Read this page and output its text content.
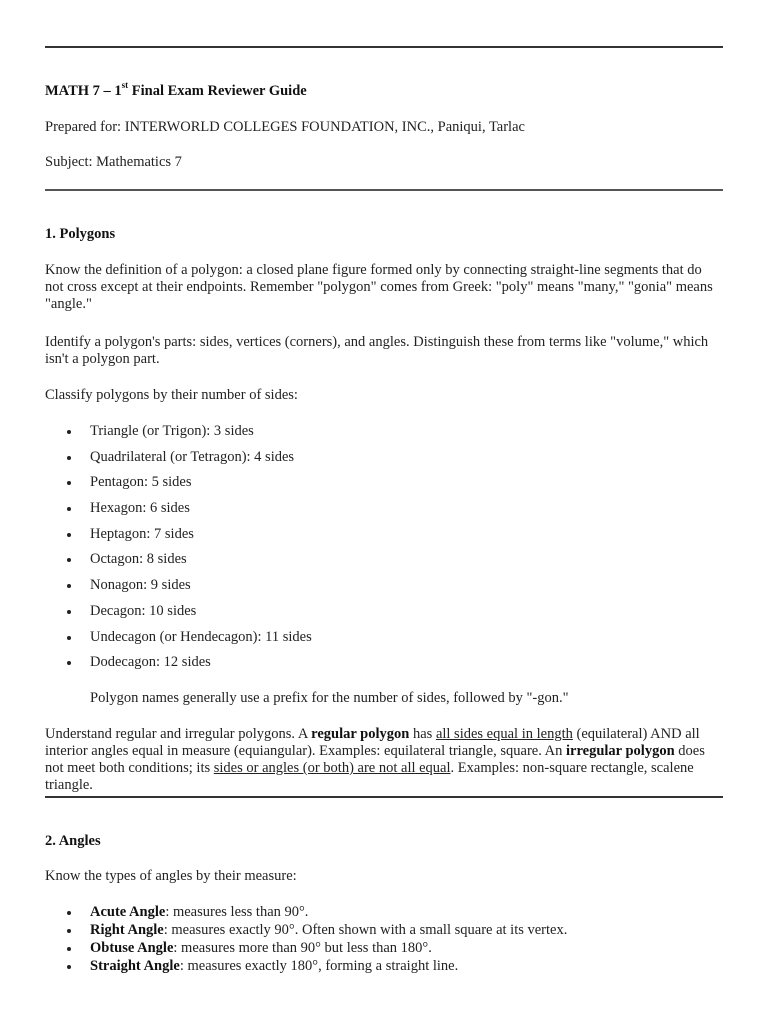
MATH 7 – 1st Final Exam Reviewer Guide
Prepared for: INTERWORLD COLLEGES FOUNDATION, INC., Paniqui, Tarlac
Subject: Mathematics 7
1. Polygons
Know the definition of a polygon: a closed plane figure formed only by connecting straight-line segments that do not cross except at their endpoints. Remember "polygon" comes from Greek: "poly" means "many," "gonia" means "angle."
Identify a polygon's parts: sides, vertices (corners), and angles. Distinguish these from terms like "volume," which isn't a polygon part.
Classify polygons by their number of sides:
Triangle (or Trigon): 3 sides
Quadrilateral (or Tetragon): 4 sides
Pentagon: 5 sides
Hexagon: 6 sides
Heptagon: 7 sides
Octagon: 8 sides
Nonagon: 9 sides
Decagon: 10 sides
Undecagon (or Hendecagon): 11 sides
Dodecagon: 12 sides
Polygon names generally use a prefix for the number of sides, followed by "-gon."
Understand regular and irregular polygons. A regular polygon has all sides equal in length (equilateral) AND all interior angles equal in measure (equiangular). Examples: equilateral triangle, square. An irregular polygon does not meet both conditions; its sides or angles (or both) are not all equal. Examples: non-square rectangle, scalene triangle.
2. Angles
Know the types of angles by their measure:
Acute Angle: measures less than 90°.
Right Angle: measures exactly 90°. Often shown with a small square at its vertex.
Obtuse Angle: measures more than 90° but less than 180°.
Straight Angle: measures exactly 180°, forming a straight line.
